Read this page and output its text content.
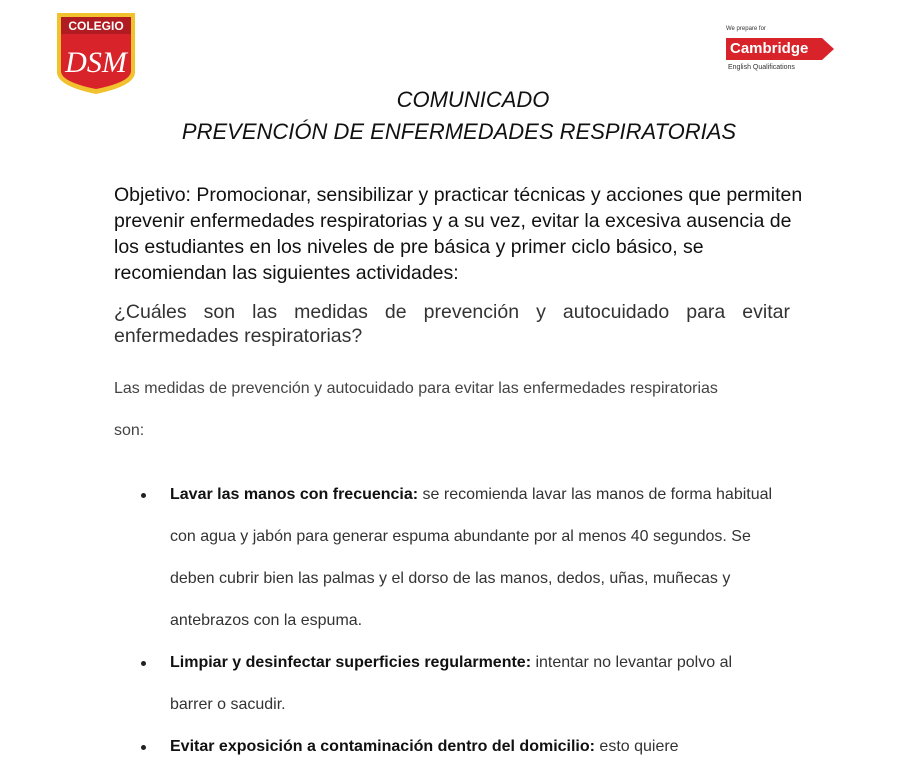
COLEGIO
DSM
We prepare for
Cambridge
English Qualifications
COMUNICADO
PREVENCIÓN DE ENFERMEDADES RESPIRATORIAS

Objetivo: Promocionar, sensibilizar y practicar técnicas y acciones que permiten prevenir enfermedades respiratorias y a su vez, evitar la excesiva ausencia de los estudiantes en los niveles de pre básica y primer ciclo básico, se recomiendan las siguientes actividades:

¿Cuáles son las medidas de prevención y autocuidado para evitar enfermedades respiratorias?

Las medidas de prevención y autocuidado para evitar las enfermedades respiratorias son:

Lavar las manos con frecuencia: se recomienda lavar las manos de forma habitual con agua y jabón para generar espuma abundante por al menos 40 segundos. Se deben cubrir bien las palmas y el dorso de las manos, dedos, uñas, muñecas y antebrazos con la espuma.
Limpiar y desinfectar superficies regularmente: intentar no levantar polvo al barrer o sacudir.
Evitar exposición a contaminación dentro del domicilio: esto quiere
